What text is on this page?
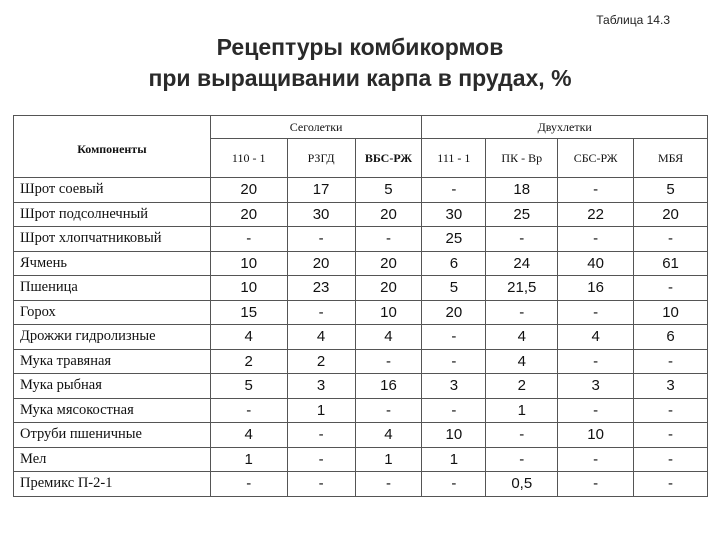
Таблица 14.3
Рецептуры комбикормов
при выращивании карпа в прудах, %
Компоненты	Сеголетки			Двухлетки			
	110 - 1	РЗГД	ВБС-РЖ	111 - 1	ПК - Вр	СБС-РЖ	МБЯ
Шрот соевый	20	17	5	-	18	-	5
Шрот подсолнечный	20	30	20	30	25	22	20
Шрот хлопчатниковый	-	-	-	25	-	-	-
Ячмень	10	20	20	6	24	40	61
Пшеница	10	23	20	5	21,5	16	-
Горох	15	-	10	20	-	-	10
Дрожжи гидролизные	4	4	4	-	4	4	6
Мука травяная	2	2	-	-	4	-	-
Мука рыбная	5	3	16	3	2	3	3
Мука мясокостная	-	1	-	-	1	-	-
Отруби пшеничные	4	-	4	10	-	10	-
Мел	1	-	1	1	-	-	-
Премикс П-2-1	-	-	-	-	0,5	-	-
